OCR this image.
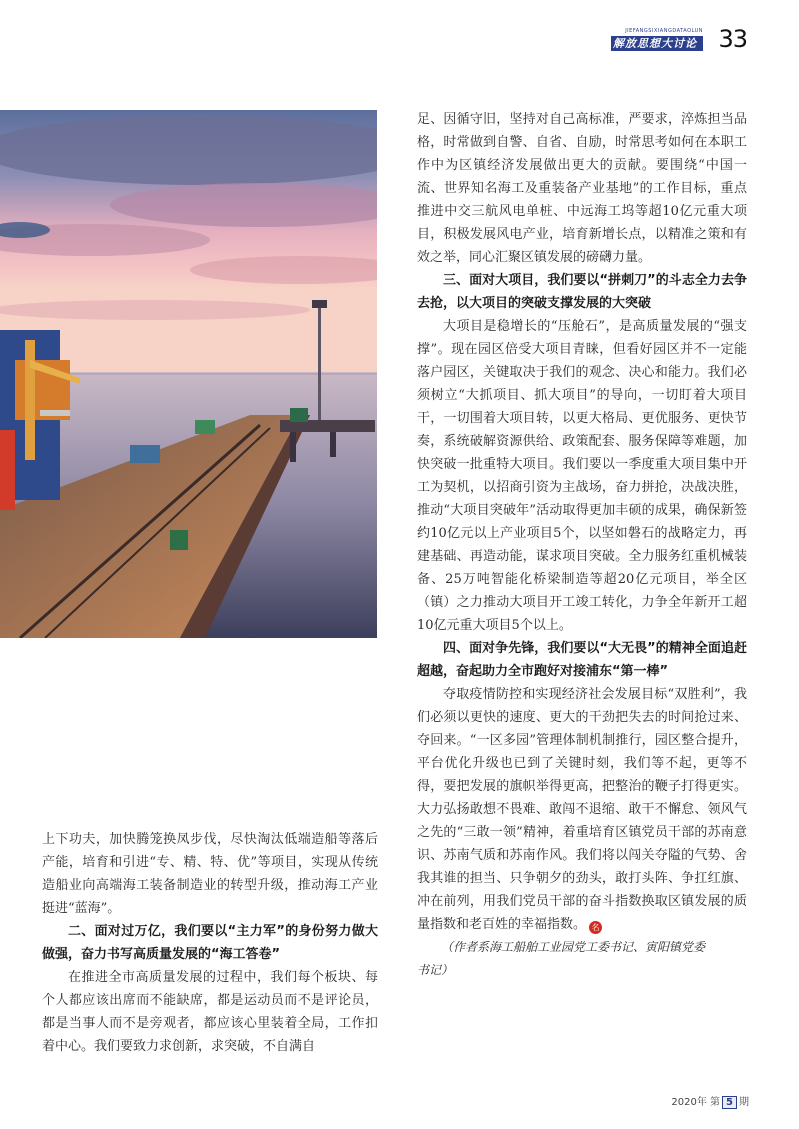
JIEFANGSIXIANGDATAOLUN
解放思想大讨论 33

上下功夫，加快腾笼换凤步伐，尽快淘汰低端造船等落后产能，培育和引进“专、精、特、优”等项目，实现从传统造船业向高端海工装备制造业的转型升级，推动海工产业挺进“蓝海”。

二、面对过万亿，我们要以“主力军”的身份努力做大做强，奋力书写高质量发展的“海工答卷”

在推进全市高质量发展的过程中，我们每个板块、每个人都应该出席而不能缺席，都是运动员而不是评论员，都是当事人而不是旁观者，都应该心里装着全局，工作扣着中心。我们要致力求创新，求突破，不自满自

足、因循守旧，坚持对自己高标准，严要求，淬炼担当品格，时常做到自警、自省、自励，时常思考如何在本职工作中为区镇经济发展做出更大的贡献。要围绕“中国一流、世界知名海工及重装备产业基地”的工作目标，重点推进中交三航风电单桩、中远海工坞等超10亿元重大项目，积极发展风电产业，培育新增长点，以精准之策和有效之举，同心汇聚区镇发展的磅礴力量。

三、面对大项目，我们要以“拼刺刀”的斗志全力去争去抢，以大项目的突破支撑发展的大突破

大项目是稳增长的“压舱石”，是高质量发展的“强支撑”。现在园区倍受大项目青睐，但看好园区并不一定能落户园区，关键取决于我们的观念、决心和能力。我们必须树立“大抓项目、抓大项目”的导向，一切盯着大项目干，一切围着大项目转，以更大格局、更优服务、更快节奏，系统破解资源供给、政策配套、服务保障等难题，加快突破一批重特大项目。我们要以一季度重大项目集中开工为契机，以招商引资为主战场，奋力拼抢，决战决胜，推动“大项目突破年”活动取得更加丰硕的成果，确保新签约10亿元以上产业项目5个，以坚如磐石的战略定力，再建基础、再造动能，谋求项目突破。全力服务红重机械装备、25万吨智能化桥梁制造等超20亿元项目，举全区（镇）之力推动大项目开工竣工转化，力争全年新开工超10亿元重大项目5个以上。

四、面对争先锋，我们要以“大无畏”的精神全面追赶超越，奋起助力全市跑好对接浦东“第一棒”

夺取疫情防控和实现经济社会发展目标“双胜利”，我们必须以更快的速度、更大的干劲把失去的时间抢过来、夺回来。“一区多园”管理体制机制推行，园区整合提升，平台优化升级也已到了关键时刻，我们等不起，更等不得，要把发展的旗帜举得更高，把整治的鞭子打得更实。大力弘扬敢想不畏难、敢闯不退缩、敢干不懈怠、领风气之先的“三敢一领”精神，着重培育区镇党员干部的苏南意识、苏南气质和苏南作风。我们将以闯关夺隘的气势、舍我其谁的担当、只争朝夕的劲头，敢打头阵、争扛红旗、冲在前列，用我们党员干部的奋斗指数换取区镇发展的质量指数和老百姓的幸福指数。 名

（作者系海工船舶工业园党工委书记、寅阳镇党委
书记）

2020年 第 5 期
